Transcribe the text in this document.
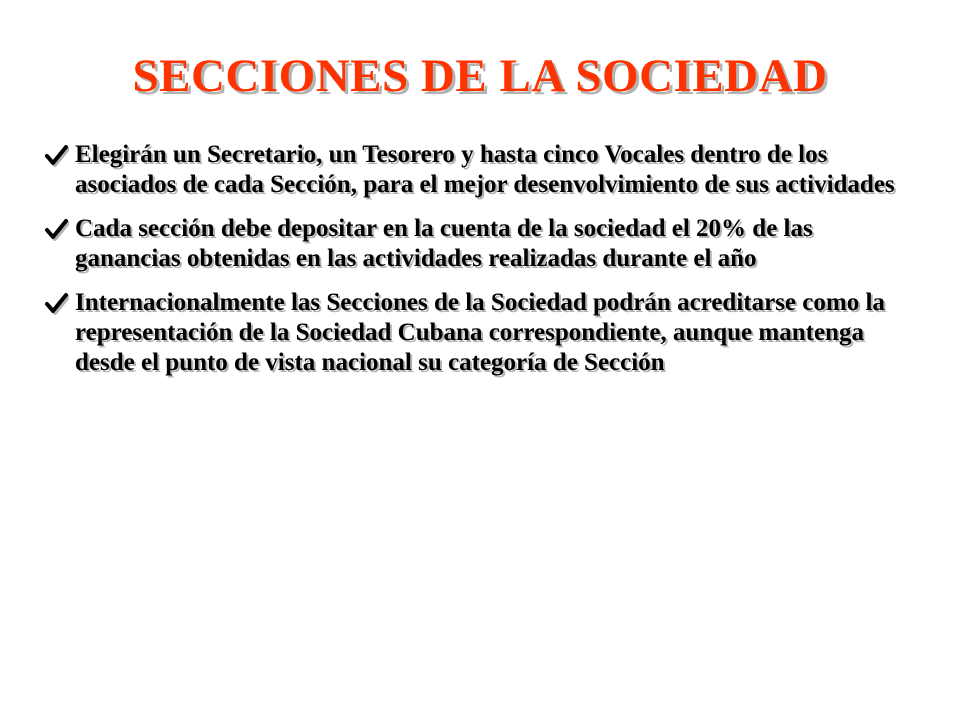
SECCIONES DE LA SOCIEDAD
Elegirán un Secretario, un Tesorero y hasta cinco Vocales dentro de los asociados de cada Sección, para el mejor desenvolvimiento de sus actividades
Cada sección debe depositar en la cuenta de la sociedad el 20% de las ganancias obtenidas en las actividades realizadas durante el año
Internacionalmente las Secciones de la Sociedad podrán acreditarse como la representación de la Sociedad Cubana correspondiente, aunque mantenga desde el punto de vista nacional su categoría de Sección
